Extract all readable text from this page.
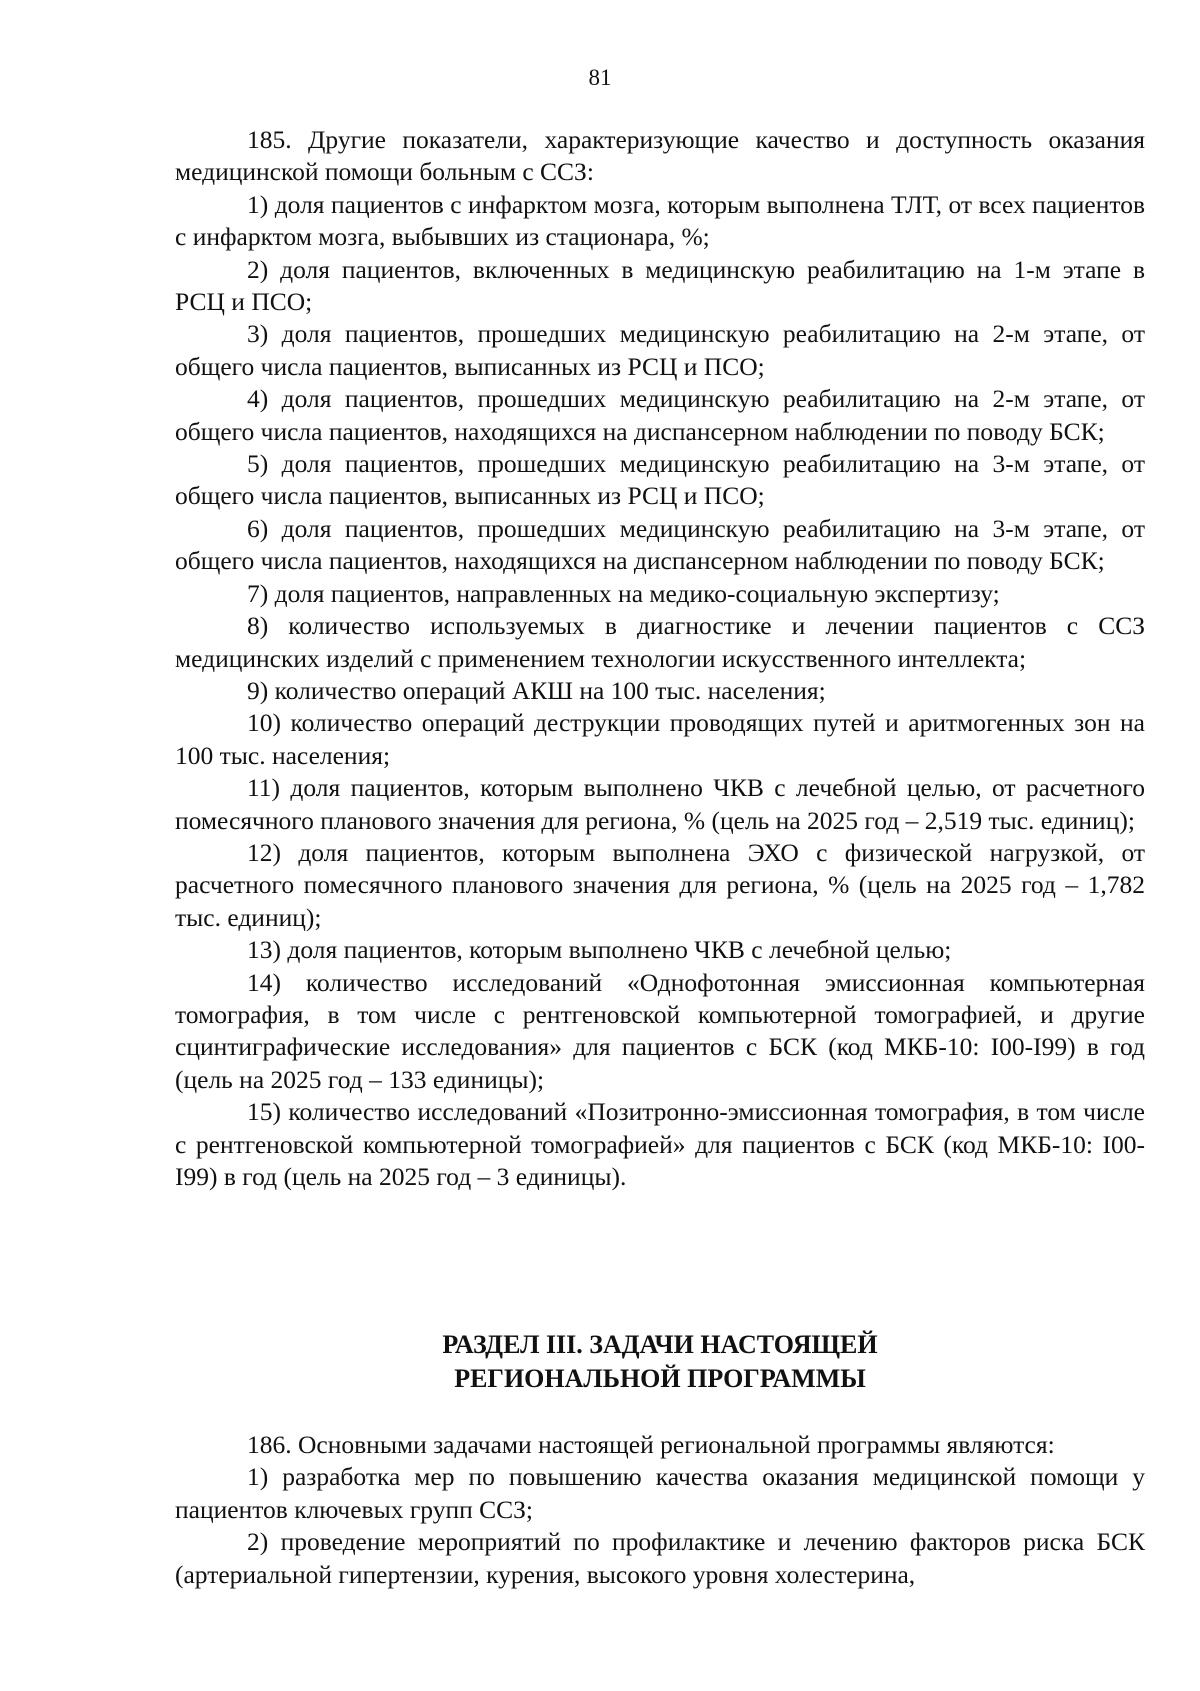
81

185. Другие показатели, характеризующие качество и доступность оказания медицинской помощи больным с ССЗ:

1) доля пациентов с инфарктом мозга, которым выполнена ТЛТ, от всех пациентов с инфарктом мозга, выбывших из стационара, %;

2) доля пациентов, включенных в медицинскую реабилитацию на 1-м этапе в РСЦ и ПСО;

3) доля пациентов, прошедших медицинскую реабилитацию на 2-м этапе, от общего числа пациентов, выписанных из РСЦ и ПСО;

4) доля пациентов, прошедших медицинскую реабилитацию на 2-м этапе, от общего числа пациентов, находящихся на диспансерном наблюдении по поводу БСК;

5) доля пациентов, прошедших медицинскую реабилитацию на 3-м этапе, от общего числа пациентов, выписанных из РСЦ и ПСО;

6) доля пациентов, прошедших медицинскую реабилитацию на 3-м этапе, от общего числа пациентов, находящихся на диспансерном наблюдении по поводу БСК;

7) доля пациентов, направленных на медико-социальную экспертизу;

8) количество используемых в диагностике и лечении пациентов с ССЗ медицинских изделий с применением технологии искусственного интеллекта;

9) количество операций АКШ на 100 тыс. населения;

10) количество операций деструкции проводящих путей и аритмогенных зон на 100 тыс. населения;

11) доля пациентов, которым выполнено ЧКВ с лечебной целью, от расчетного помесячного планового значения для региона, % (цель на 2025 год – 2,519 тыс. единиц);

12) доля пациентов, которым выполнена ЭХО с физической нагрузкой, от расчетного помесячного планового значения для региона, % (цель на 2025 год – 1,782 тыс. единиц);

13) доля пациентов, которым выполнено ЧКВ с лечебной целью;

14) количество исследований «Однофотонная эмиссионная компьютерная томография, в том числе с рентгеновской компьютерной томографией, и другие сцинтиграфические исследования» для пациентов с БСК (код МКБ-10: I00-I99) в год (цель на 2025 год – 133 единицы);

15) количество исследований «Позитронно-эмиссионная томография, в том числе с рентгеновской компьютерной томографией» для пациентов с БСК (код МКБ-10: I00-I99) в год (цель на 2025 год – 3 единицы).

РАЗДЕЛ III. ЗАДАЧИ НАСТОЯЩЕЙ
РЕГИОНАЛЬНОЙ ПРОГРАММЫ

186. Основными задачами настоящей региональной программы являются:

1) разработка мер по повышению качества оказания медицинской помощи у пациентов ключевых групп ССЗ;

2) проведение мероприятий по профилактике и лечению факторов риска БСК (артериальной гипертензии, курения, высокого уровня холестерина,
